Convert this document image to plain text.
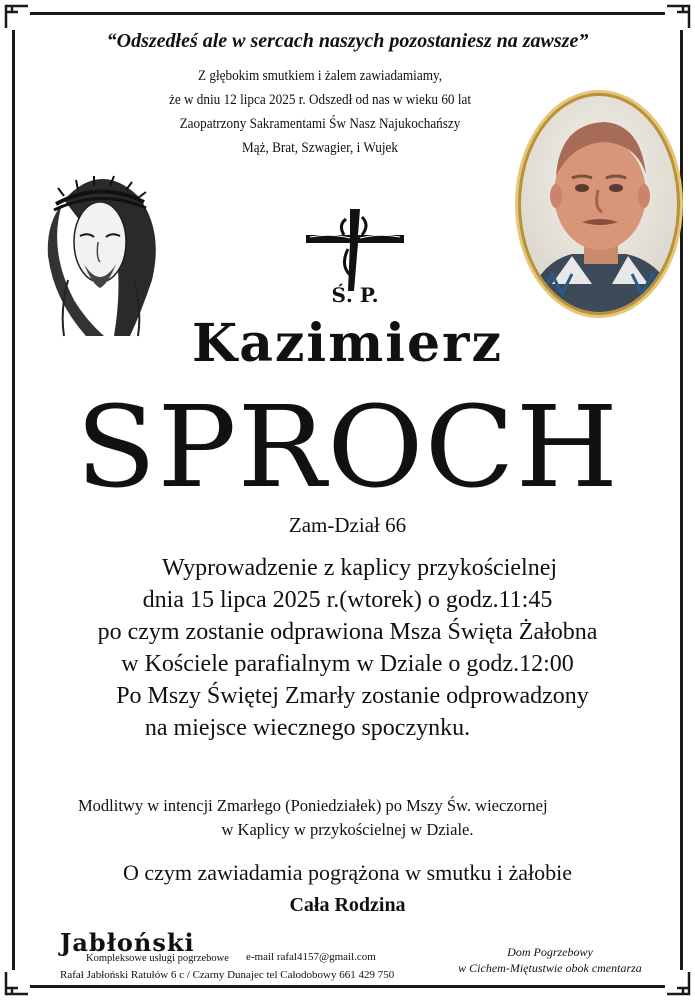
“Odszedłeś ale w sercach naszych pozostaniesz na zawsze”
Z głębokim smutkiem i żalem zawiadamiamy,
że w dniu 12 lipca 2025 r. Odszedł od nas w wieku 60 lat
Zaopatrzony Sakramentami Św Nasz Najukochańszy
Mąż, Brat, Szwagier, i Wujek
Ś. P.
Kazimierz
SPROCH
Zam-Dział 66
Wyprowadzenie z kaplicy przykościelnej
dnia 15 lipca 2025 r.(wtorek) o godz.11:45
po czym zostanie odprawiona Msza Święta Żałobna
w Kościele parafialnym w Dziale o godz.12:00
Po Mszy Świętej Zmarły zostanie odprowadzony
na miejsce wiecznego spoczynku.
Modlitwy w intencji Zmarłego (Poniedziałek) po Mszy Św. wieczornej
w Kaplicy w przykościelnej w Dziale.
O czym zawiadamia pogrążona w smutku i żałobie
Cała Rodzina
Jabłoński
Kompleksowe usługi pogrzebowe e-mail rafal4157@gmail.com
Rafał Jabłoński Ratułów 6 c / Czarny Dunajec tel Całodobowy 661 429 750
Dom Pogrzebowy
w Cichem-Miętustwie obok cmentarza
